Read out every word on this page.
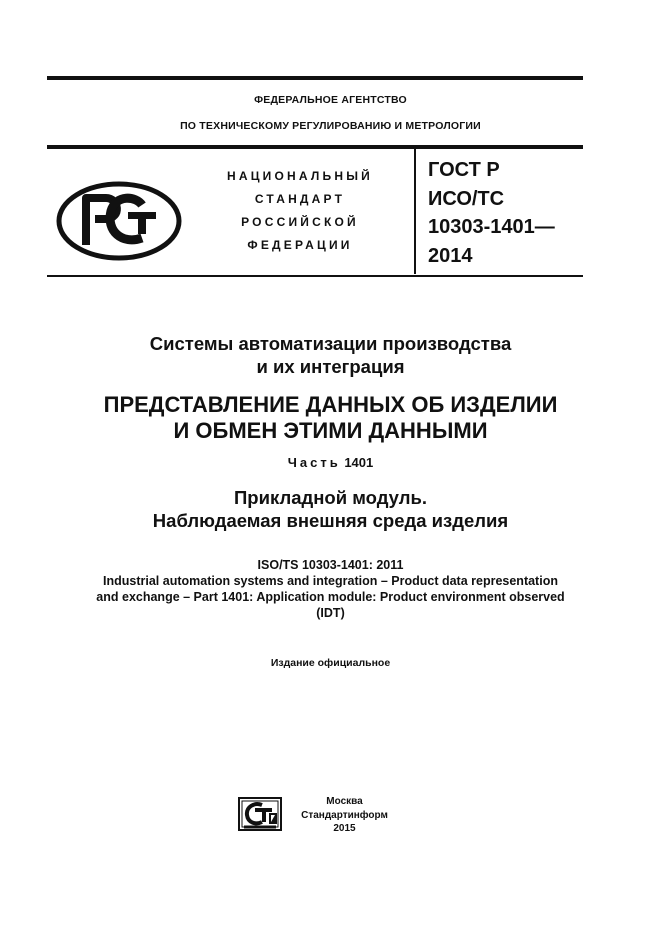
ФЕДЕРАЛЬНОЕ АГЕНТСТВО
ПО ТЕХНИЧЕСКОМУ РЕГУЛИРОВАНИЮ И МЕТРОЛОГИИ
НАЦИОНАЛЬНЫЙ
СТАНДАРТ
РОССИЙСКОЙ
ФЕДЕРАЦИИ
ГОСТ Р
ИСО/ТС
10303-1401—
2014
Системы автоматизации производства
и их интеграция
ПРЕДСТАВЛЕНИЕ ДАННЫХ ОБ ИЗДЕЛИИ
И ОБМЕН ЭТИМИ ДАННЫМИ
Часть 1401
Прикладной модуль.
Наблюдаемая внешняя среда изделия
ISO/TS 10303-1401: 2011
Industrial automation systems and integration – Product data representation
and exchange – Part 1401: Application module: Product environment observed
(IDT)
Издание официальное
Москва
Стандартинформ
2015
